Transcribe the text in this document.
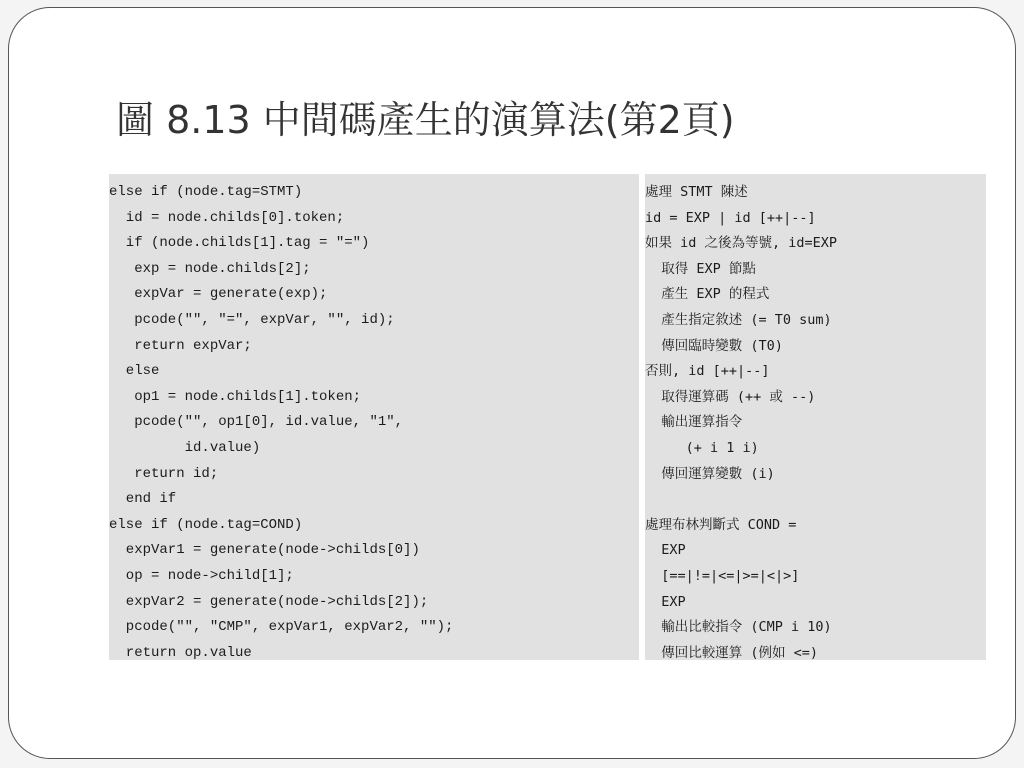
圖 8.13 中間碼產生的演算法(第2頁)
else if (node.tag=STMT)
id = node.childs[0].token;
if (node.childs[1].tag = "=")
exp = node.childs[2];
expVar = generate(exp);
pcode("", "=", expVar, "", id);
return expVar;
else
op1 = node.childs[1].token;
pcode("", op1[0], id.value, "1",
id.value)
return id;
end if
else if (node.tag=COND)
expVar1 = generate(node->childs[0])
op = node->child[1];
expVar2 = generate(node->childs[2]);
pcode("", "CMP", expVar1, expVar2, "");
return op.value
處理 STMT 陳述
id = EXP | id [++|--]
如果 id 之後為等號, id=EXP
取得 EXP 節點
產生 EXP 的程式
產生指定敘述 (= T0 sum)
傳回臨時變數 (T0)
否則, id [++|--]
取得運算碼 (++ 或 --)
輸出運算指令
(+ i 1 i)
傳回運算變數 (i)
處理布林判斷式 COND =
EXP
[==|!=|<=|>=|<|>]
EXP
輸出比較指令 (CMP i 10)
傳回比較運算 (例如 <=)
